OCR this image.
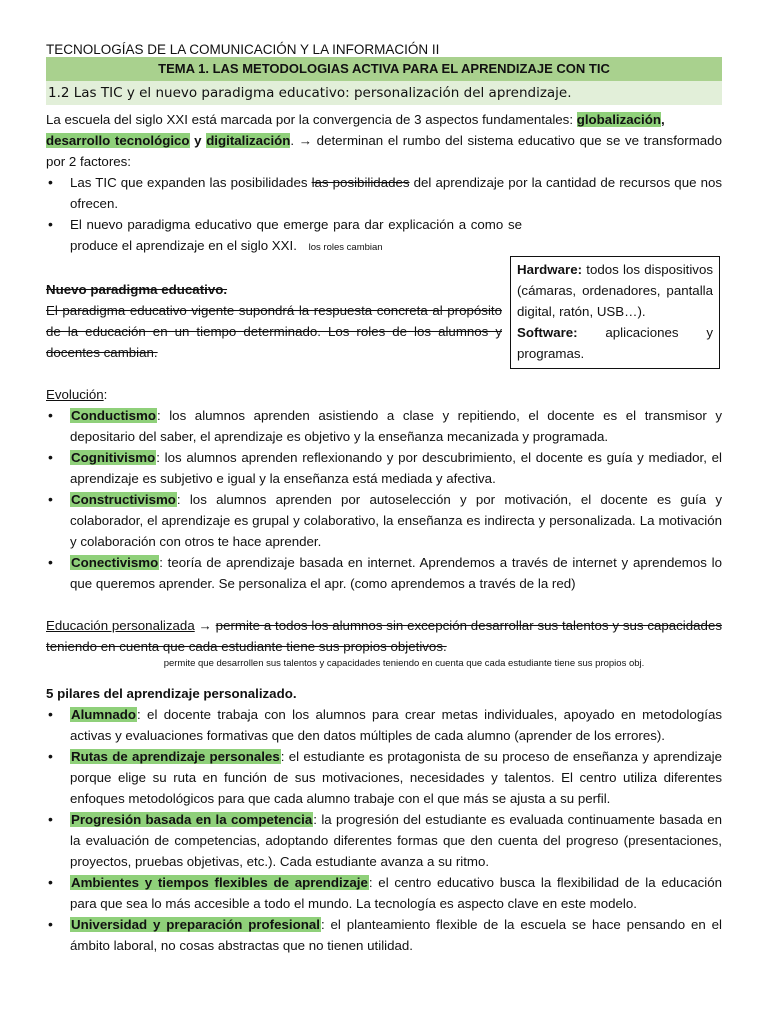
TECNOLOGÍAS DE LA COMUNICACIÓN Y LA INFORMACIÓN II
TEMA 1. LAS METODOLOGIAS ACTIVA PARA EL APRENDIZAJE CON TIC
1.2 Las TIC y el nuevo paradigma educativo: personalización del aprendizaje.
La escuela del siglo XXI está marcada por la convergencia de 3 aspectos fundamentales: globalización,
desarrollo tecnológico y digitalización. → determinan el rumbo del sistema educativo que se ve transformado por 2 factores:
• Las TIC que expanden las posibilidades las posibilidades del aprendizaje por la cantidad de recursos que nos ofrecen.
• El nuevo paradigma educativo que emerge para dar explicación a como se produce el aprendizaje en el siglo XXI. los roles cambian
Nuevo paradigma educativo.
El paradigma educativo vigente supondrá la respuesta concreta al propósito de la educación en un tiempo determinado. Los roles de los alumnos y docentes cambian.
Hardware: todos los dispositivos (cámaras, ordenadores, pantalla digital, ratón, USB…).
Software: aplicaciones y programas.
Evolución:
• Conductismo: los alumnos aprenden asistiendo a clase y repitiendo, el docente es el transmisor y depositario del saber, el aprendizaje es objetivo y la enseñanza mecanizada y programada.
• Cognitivismo: los alumnos aprenden reflexionando y por descubrimiento, el docente es guía y mediador, el aprendizaje es subjetivo e igual y la enseñanza está mediada y afectiva.
• Constructivismo: los alumnos aprenden por autoselección y por motivación, el docente es guía y colaborador, el aprendizaje es grupal y colaborativo, la enseñanza es indirecta y personalizada. La motivación y colaboración con otros te hace aprender.
• Conectivismo: teoría de aprendizaje basada en internet. Aprendemos a través de internet y aprendemos lo que queremos aprender. Se personaliza el apr. (como aprendemos a través de la red)
Educación personalizada → permite a todos los alumnos sin excepción desarrollar sus talentos y sus capacidades teniendo en cuenta que cada estudiante tiene sus propios objetivos.
permite que desarrollen sus talentos y capacidades teniendo en cuenta que cada estudiante tiene sus propios obj.
5 pilares del aprendizaje personalizado.
• Alumnado: el docente trabaja con los alumnos para crear metas individuales, apoyado en metodologías activas y evaluaciones formativas que den datos múltiples de cada alumno (aprender de los errores).
• Rutas de aprendizaje personales: el estudiante es protagonista de su proceso de enseñanza y aprendizaje porque elige su ruta en función de sus motivaciones, necesidades y talentos. El centro utiliza diferentes enfoques metodológicos para que cada alumno trabaje con el que más se ajusta a su perfil.
• Progresión basada en la competencia: la progresión del estudiante es evaluada continuamente basada en la evaluación de competencias, adoptando diferentes formas que den cuenta del progreso (presentaciones, proyectos, pruebas objetivas, etc.). Cada estudiante avanza a su ritmo.
• Ambientes y tiempos flexibles de aprendizaje: el centro educativo busca la flexibilidad de la educación para que sea lo más accesible a todo el mundo. La tecnología es aspecto clave en este modelo.
• Universidad y preparación profesional: el planteamiento flexible de la escuela se hace pensando en el ámbito laboral, no cosas abstractas que no tienen utilidad.
